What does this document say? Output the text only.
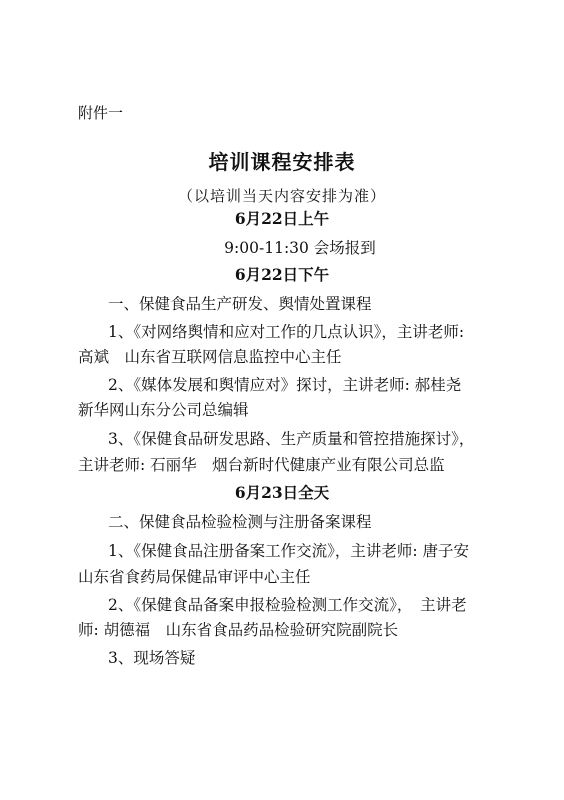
附件一
培训课程安排表
（以培训当天内容安排为准）
6月22日上午
9:00-11:30 会场报到
6月22日下午
一、保健食品生产研发、舆情处置课程
1、《对网络舆情和应对工作的几点认识》，主讲老师:
高斌　山东省互联网信息监控中心主任
2、《媒体发展和舆情应对》探讨，主讲老师: 郝桂尧
新华网山东分公司总编辑
3、《保健食品研发思路、生产质量和管控措施探讨》，
主讲老师: 石丽华　烟台新时代健康产业有限公司总监
6月23日全天
二、保健食品检验检测与注册备案课程
1、《保健食品注册备案工作交流》，主讲老师: 唐子安
山东省食药局保健品审评中心主任
2、《保健食品备案申报检验检测工作交流》，　主讲老
师: 胡德福　山东省食品药品检验研究院副院长
3、现场答疑
